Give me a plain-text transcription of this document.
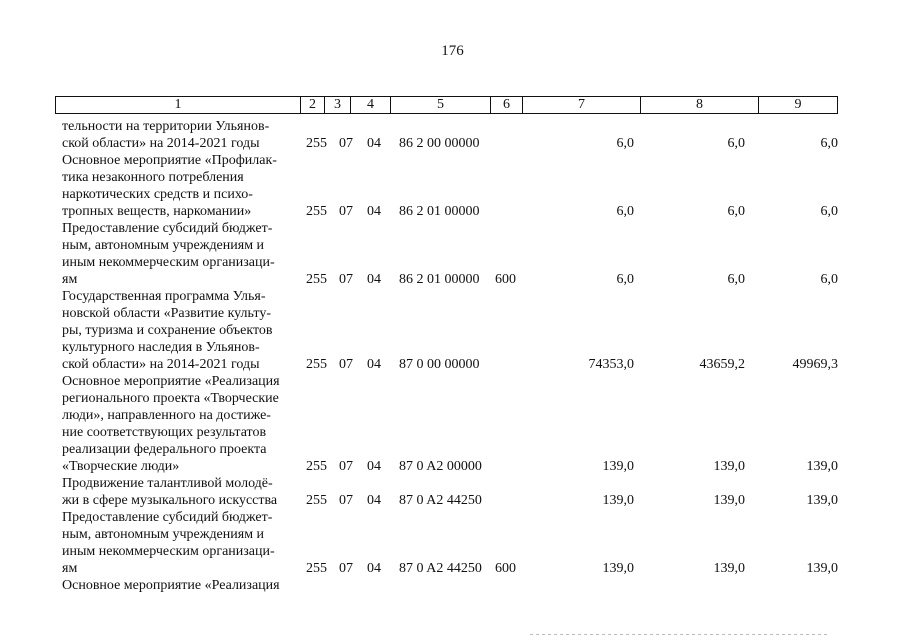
176
1	2	3	4	5	6	7	8	9
тельности на территории Ульянов-
ской области» на 2014-2021 годы	255 07 04 86 2 00 00000	6,0	6,0	6,0
Основное мероприятие «Профилак-
тика незаконного потребления
наркотических средств и психо-
тропных веществ, наркомании»	255 07 04 86 2 01 00000	6,0	6,0	6,0
Предоставление субсидий бюджет-
ным, автономным учреждениям и
иным некоммерческим организаци-
ям	255 07 04 86 2 01 00000 600	6,0	6,0	6,0
Государственная программа Улья-
новской области «Развитие культу-
ры, туризма и сохранение объектов
культурного наследия в Ульянов-
ской области» на 2014-2021 годы	255 07 04 87 0 00 00000	74353,0	43659,2	49969,3
Основное мероприятие «Реализация
регионального проекта «Творческие
люди», направленного на достиже-
ние соответствующих результатов
реализации федерального проекта
«Творческие люди»	255 07 04 87 0 A2 00000	139,0	139,0	139,0
Продвижение талантливой молодё-
жи в сфере музыкального искусства	255 07 04 87 0 A2 44250	139,0	139,0	139,0
Предоставление субсидий бюджет-
ным, автономным учреждениям и
иным некоммерческим организаци-
ям	255 07 04 87 0 A2 44250 600	139,0	139,0	139,0
Основное мероприятие «Реализация
